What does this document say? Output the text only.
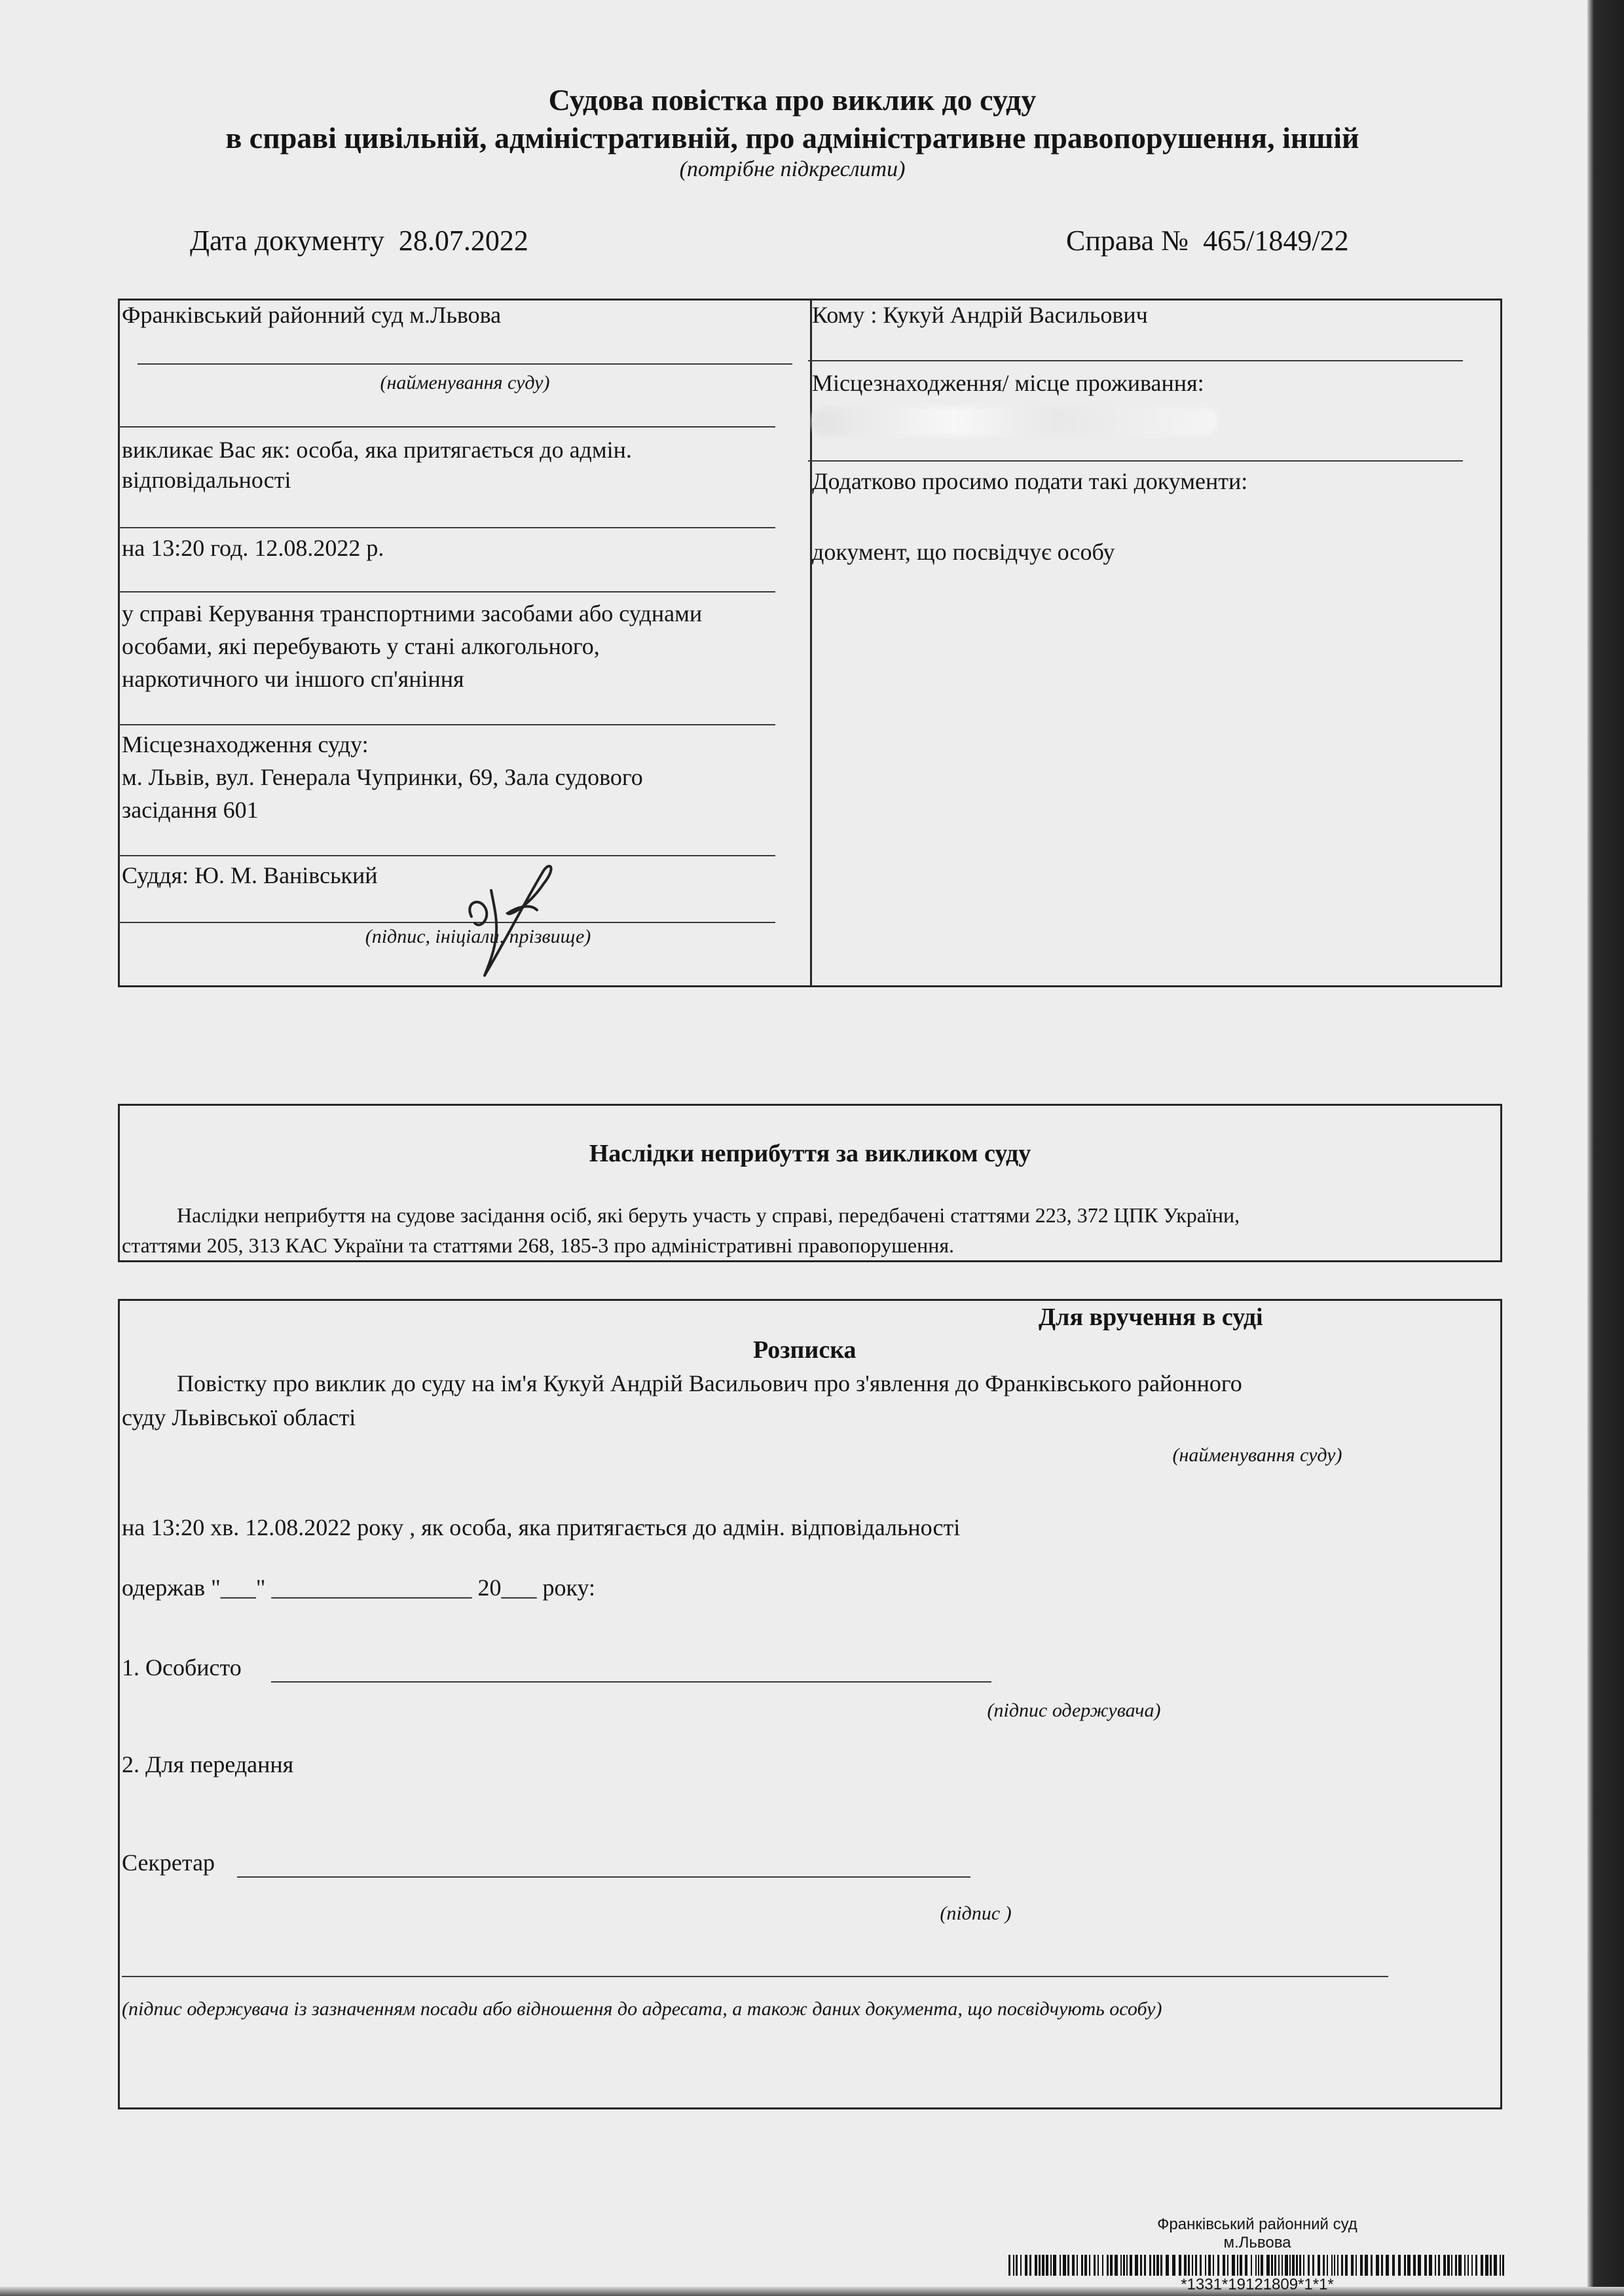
Судова повістка про виклик до суду
в справі цивільній, адміністративній, про адміністративне правопорушення, іншій
(потрібне підкреслити)
Дата документу 28.07.2022	Справа № 465/1849/22
Франківський районний суд м.Львова
(найменування суду)
викликає Вас як: особа, яка притягається до адмін.
відповідальності
на 13:20 год. 12.08.2022 р.
у справі Керування транспортними засобами або суднами
особами, які перебувають у стані алкогольного,
наркотичного чи іншого сп'яніння
Місцезнаходження суду:
м. Львів, вул. Генерала Чупринки, 69, Зала судового
засідання 601
Суддя: Ю. М. Ванівський
(підпис, ініціали, прізвище)
Кому : Кукуй Андрій Васильович
Місцезнаходження/ місце проживання:
Додатково просимо подати такі документи:
документ, що посвідчує особу
Наслідки неприбуття за викликом суду
Наслідки неприбуття на судове засідання осіб, які беруть участь у справі, передбачені статтями 223, 372 ЦПК України,
статтями 205, 313 КАС України та статтями 268, 185-3 про адміністративні правопорушення.
Для вручення в суді
Розписка
Повістку про виклик до суду на ім'я Кукуй Андрій Васильович про з'явлення до Франківського районного
суду Львівської області
(найменування суду)
на 13:20 хв. 12.08.2022 року , як особа, яка притягається до адмін. відповідальності
одержав "___" _________________ 20___ року:
1. Особисто
(підпис одержувача)
2. Для передання
Секретар
(підпис )
(підпис одержувача із зазначенням посади або відношення до адресата, а також даних документа, що посвідчують особу)
Франківський районний суд
м.Львова
*1331*19121809*1*1*
